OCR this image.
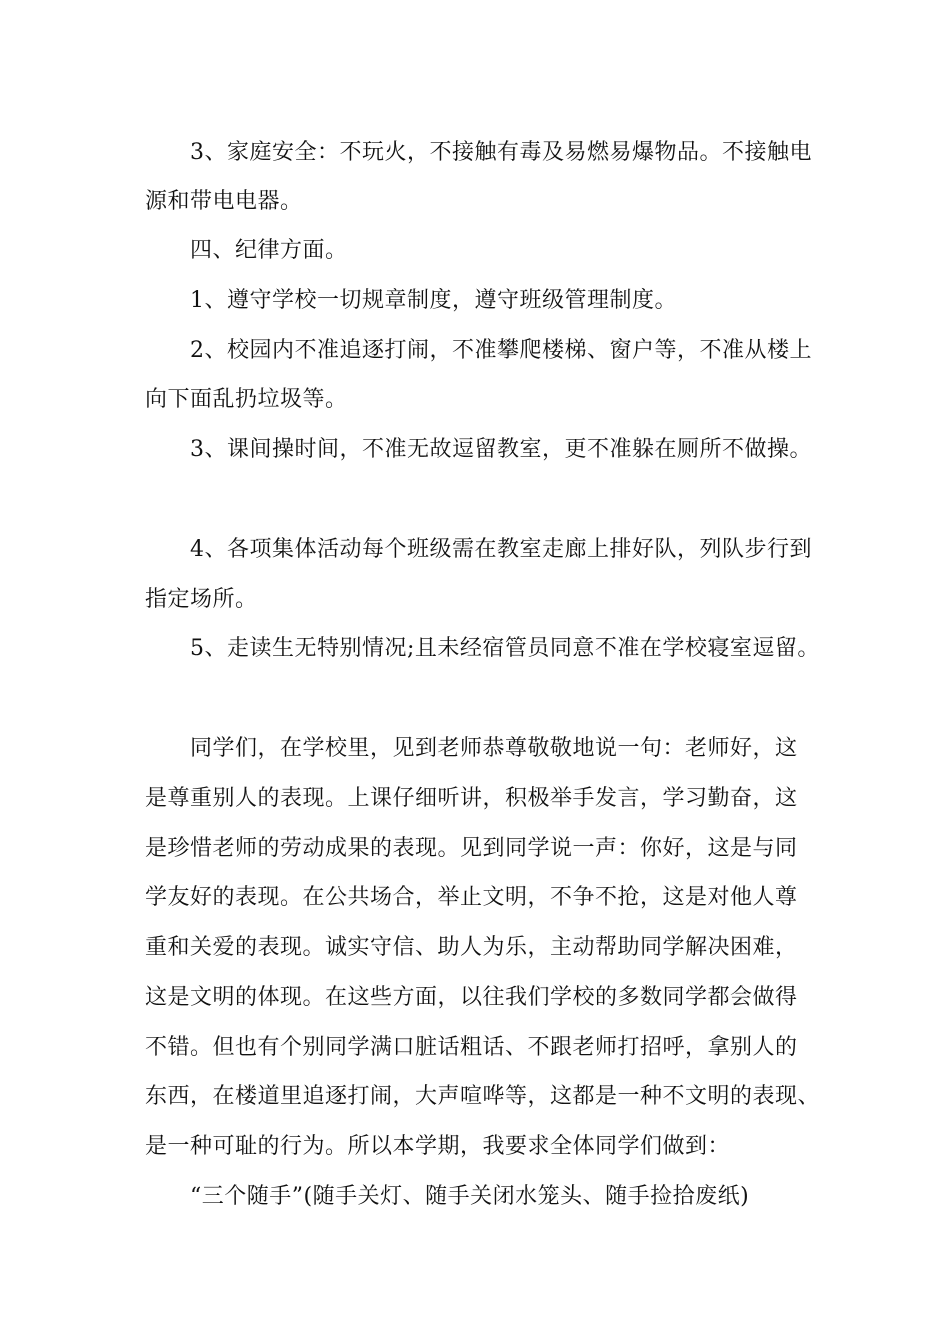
3、家庭安全：不玩火，不接触有毒及易燃易爆物品。不接触电
源和带电电器。
四、纪律方面。
1、遵守学校一切规章制度，遵守班级管理制度。
2、校园内不准追逐打闹，不准攀爬楼梯、窗户等，不准从楼上
向下面乱扔垃圾等。
3、课间操时间，不准无故逗留教室，更不准躲在厕所不做操。
4、各项集体活动每个班级需在教室走廊上排好队，列队步行到
指定场所。
5、走读生无特别情况;且未经宿管员同意不准在学校寝室逗留。
同学们，在学校里，见到老师恭尊敬敬地说一句：老师好，这
是尊重别人的表现。上课仔细听讲，积极举手发言，学习勤奋，这
是珍惜老师的劳动成果的表现。见到同学说一声：你好，这是与同
学友好的表现。在公共场合，举止文明，不争不抢，这是对他人尊
重和关爱的表现。诚实守信、助人为乐，主动帮助同学解决困难，
这是文明的体现。在这些方面，以往我们学校的多数同学都会做得
不错。但也有个别同学满口脏话粗话、不跟老师打招呼，拿别人的
东西，在楼道里追逐打闹，大声喧哗等，这都是一种不文明的表现、
是一种可耻的行为。所以本学期，我要求全体同学们做到：
“三个随手”(随手关灯、随手关闭水笼头、随手捡拾废纸)
